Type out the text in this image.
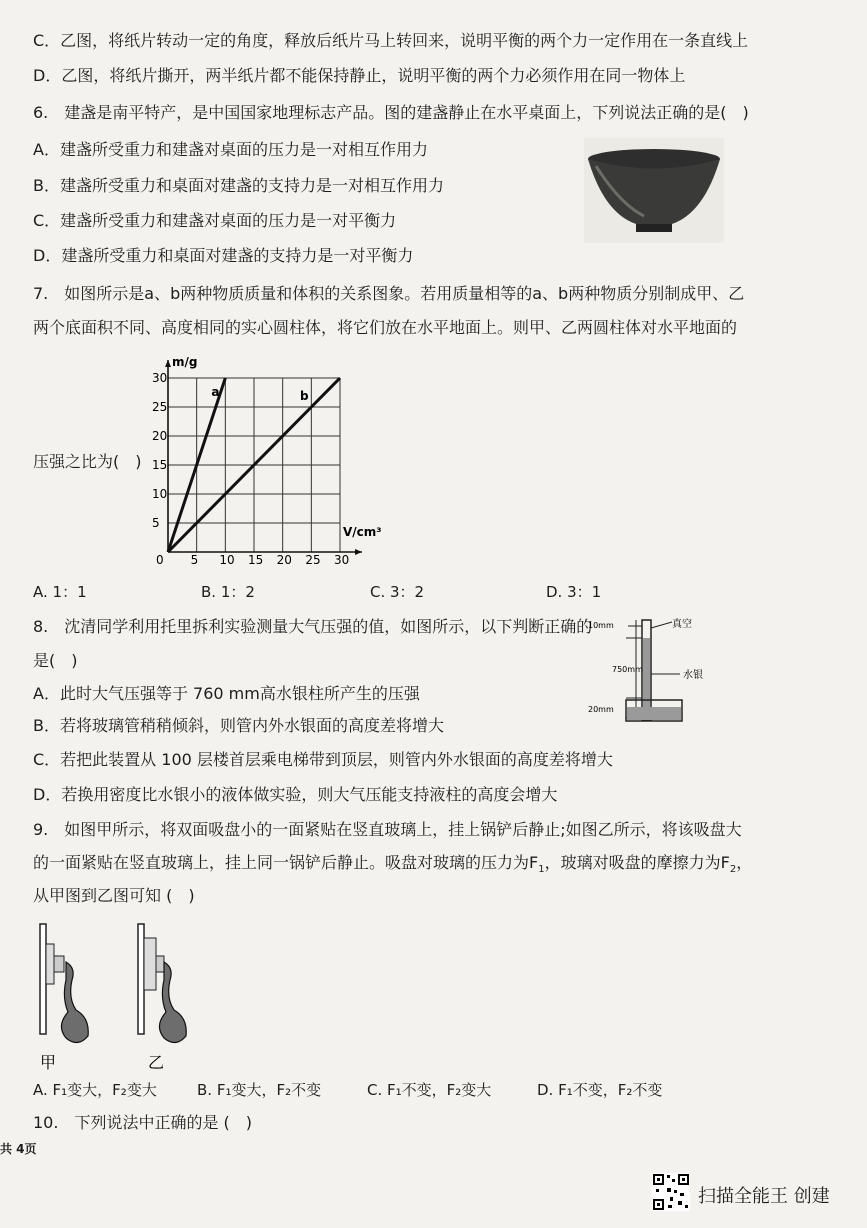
C．乙图，将纸片转动一定的角度，释放后纸片马上转回来，说明平衡的两个力一定作用在一条直线上
D．乙图，将纸片撕开，两半纸片都不能保持静止，说明平衡的两个力必须作用在同一物体上
6.　建盏是南平特产，是中国国家地理标志产品。图的建盏静止在水平桌面上，下列说法正确的是(　)
A．建盏所受重力和建盏对桌面的压力是一对相互作用力
B．建盏所受重力和桌面对建盏的支持力是一对相互作用力
C．建盏所受重力和建盏对桌面的压力是一对平衡力
D．建盏所受重力和桌面对建盏的支持力是一对平衡力
7.　如图所示是a、b两种物质质量和体积的关系图象。若用质量相等的a、b两种物质分别制成甲、乙
两个底面积不同、高度相同的实心圆柱体，将它们放在水平地面上。则甲、乙两圆柱体对水平地面的
压强之比为(　)
0 5 10 15 20 25 30
5
10
15
20
25
30
a	b
V/cm³
m/g
A. 1：1	B. 1：2	C. 3：2	D. 3：1
8.　沈清同学利用托里拆利实验测量大气压强的值，如图所示，以下判断正确的
是(　)
A．此时大气压强等于 760 mm高水银柱所产生的压强
B．若将玻璃管稍稍倾斜，则管内外水银面的高度差将增大
C．若把此装置从 100 层楼首层乘电梯带到顶层，则管内外水银面的高度差将增大
D．若换用密度比水银小的液体做实验，则大气压能支持液柱的高度会增大
10mm
750mm
20mm
真空
水银
9.　如图甲所示，将双面吸盘小的一面紧贴在竖直玻璃上，挂上锅铲后静止;如图乙所示，将该吸盘大
的一面紧贴在竖直玻璃上，挂上同一锅铲后静止。吸盘对玻璃的压力为$F_1$，玻璃对吸盘的摩擦力为$F_2$，
从甲图到乙图可知 (　)
甲	乙
A. F₁变大，F₂变大	B. F₁变大，F₂不变	C. F₁不变，F₂变大	D. F₁不变，F₂不变
10.　下列说法中正确的是 (　)
共 4页
扫描全能王 创建
